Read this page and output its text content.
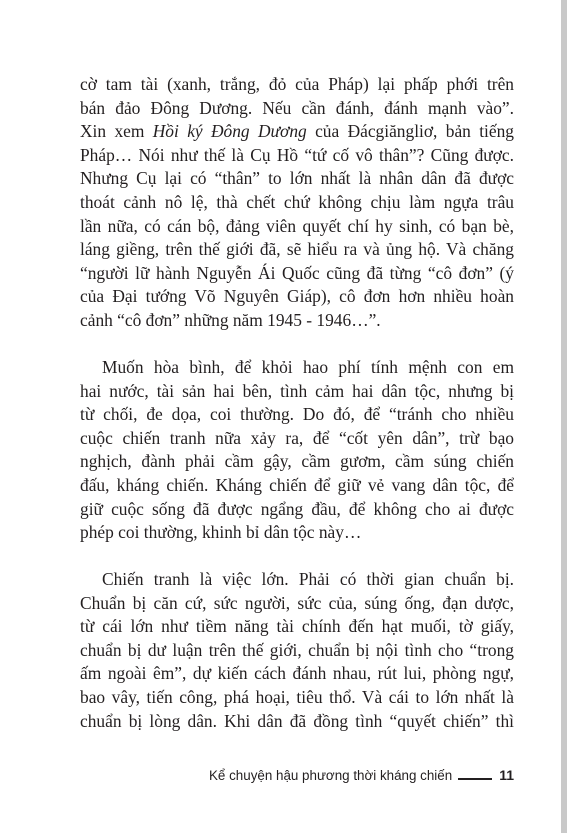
cờ tam tài (xanh, trắng, đỏ của Pháp) lại phấp phới trên
bán đảo Đông Dương. Nếu cần đánh, đánh mạnh vào”.
Xin xem Hồi ký Đông Dương của Đácgiăngliơ, bản tiếng
Pháp… Nói như thế là Cụ Hồ “tứ cố vô thân”? Cũng được.
Nhưng Cụ lại có “thân” to lớn nhất là nhân dân đã được
thoát cảnh nô lệ, thà chết chứ không chịu làm ngựa trâu
lần nữa, có cán bộ, đảng viên quyết chí hy sinh, có bạn bè,
láng giềng, trên thế giới đã, sẽ hiểu ra và ủng hộ. Và chăng
“người lữ hành Nguyễn Ái Quốc cũng đã từng “cô đơn” (ý
của Đại tướng Võ Nguyên Giáp), cô đơn hơn nhiều hoàn
cảnh “cô đơn” những năm 1945 - 1946…”.
Muốn hòa bình, để khỏi hao phí tính mệnh con em
hai nước, tài sản hai bên, tình cảm hai dân tộc, nhưng bị
từ chối, đe dọa, coi thường. Do đó, để “tránh cho nhiều
cuộc chiến tranh nữa xảy ra, để “cốt yên dân”, trừ bạo
nghịch, đành phải cầm gậy, cầm gươm, cầm súng chiến
đấu, kháng chiến. Kháng chiến để giữ vẻ vang dân tộc, để
giữ cuộc sống đã được ngẩng đầu, để không cho ai được
phép coi thường, khinh bỉ dân tộc này…
Chiến tranh là việc lớn. Phải có thời gian chuẩn bị.
Chuẩn bị căn cứ, sức người, sức của, súng ống, đạn dược,
từ cái lớn như tiềm năng tài chính đến hạt muối, tờ giấy,
chuẩn bị dư luận trên thế giới, chuẩn bị nội tình cho “trong
ấm ngoài êm”, dự kiến cách đánh nhau, rút lui, phòng ngự,
bao vây, tiến công, phá hoại, tiêu thổ. Và cái to lớn nhất là
chuẩn bị lòng dân. Khi dân đã đồng tình “quyết chiến” thì
Kể chuyện hậu phương thời kháng chiến	11
